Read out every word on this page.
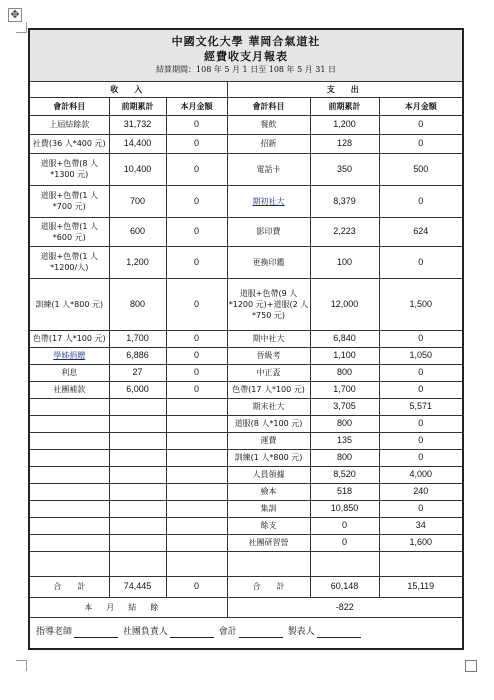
✥
中國文化大學 華岡合氣道社
經費收支月報表
結算期間：108 年 5 月 1 日至 108 年 5 月 31 日					

收　入			支　出		
會計科目	前期累計	本月金額	會計科目	前期累計	本月金額
上屆結餘款	31,732	0	餐飲	1,200	0
社費(36 人*400 元)	14,400	0	招新	128	0
道服+色帶(8 人*1300 元)	10,400	0	電話卡	350	500
道服+色帶(1 人*700 元)	700	0	期初社大	8,379	0
道服+色帶(1 人*600 元)	600	0	影印費	2,223	624
道服+色帶(1 人*1200/人)	1,200	0	更換印鑑	100	0
訓練(1 人*800 元)	800	0	道服+色帶(9 人*1200 元)+道服(2 人*750 元)	12,000	1,500
色帶(17 人*100 元)	1,700	0	期中社大	6,840	0
學姊捐贈	6,886	0	晉級考	1,100	1,050
利息	27	0	中正盃	800	0
社團補款	6,000	0	色帶(17 人*100 元)	1,700	0
			期末社大	3,705	5,571
			道服(8 人*100 元)	800	0
			運費	135	0
			訓練(1 人*800 元)	800	0
			人員領據	8,520	4,000
			檢本	518	240
			集訓	10,850	0
			餘支	0	34
			社團研習營	0	1,600

合　　計	74,445	0	合　　計	60,148	15,119
本月結餘			-822		
指導老師 社團負責人 會計 製表人					
